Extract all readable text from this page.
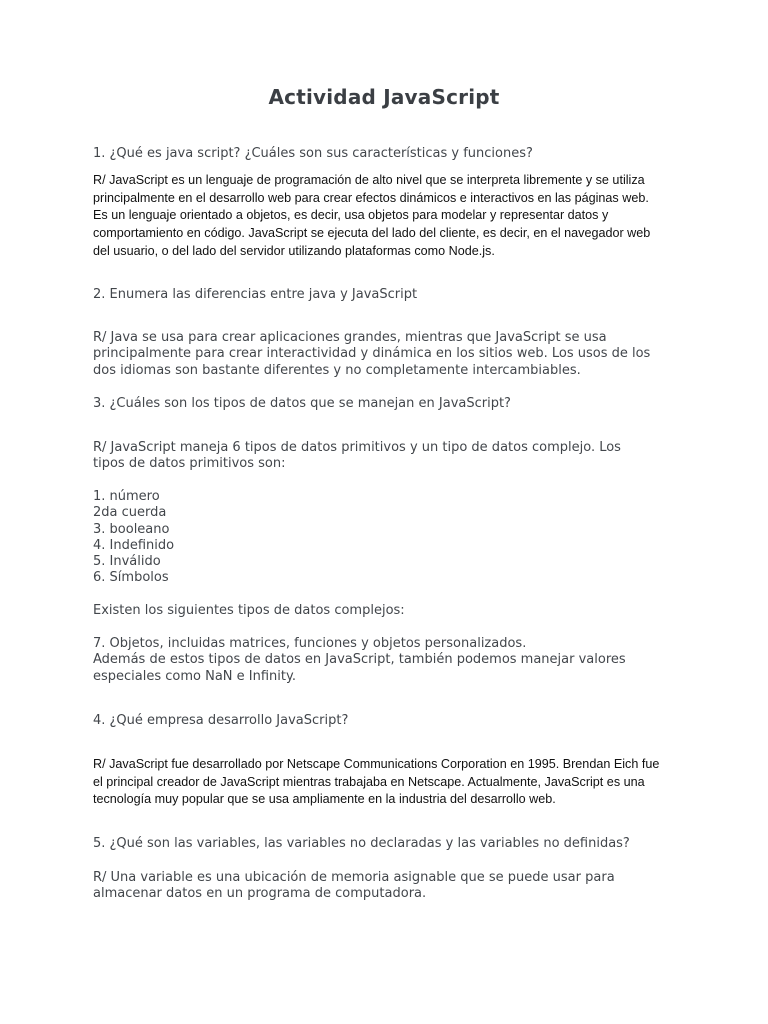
Actividad JavaScript

1. ¿Qué es java script? ¿Cuáles son sus características y funciones?

R/ JavaScript es un lenguaje de programación de alto nivel que se interpreta libremente y se utiliza
principalmente en el desarrollo web para crear efectos dinámicos e interactivos en las páginas web.
Es un lenguaje orientado a objetos, es decir, usa objetos para modelar y representar datos y
comportamiento en código. JavaScript se ejecuta del lado del cliente, es decir, en el navegador web
del usuario, o del lado del servidor utilizando plataformas como Node.js.

2. Enumera las diferencias entre java y JavaScript

R/ Java se usa para crear aplicaciones grandes, mientras que JavaScript se usa
principalmente para crear interactividad y dinámica en los sitios web. Los usos de los
dos idiomas son bastante diferentes y no completamente intercambiables.

3. ¿Cuáles son los tipos de datos que se manejan en JavaScript?

R/ JavaScript maneja 6 tipos de datos primitivos y un tipo de datos complejo. Los
tipos de datos primitivos son:

1. número
2da cuerda
3. booleano
4. Indefinido
5. Inválido
6. Símbolos

Existen los siguientes tipos de datos complejos:

7. Objetos, incluidas matrices, funciones y objetos personalizados.
Además de estos tipos de datos en JavaScript, también podemos manejar valores
especiales como NaN e Infinity.

4. ¿Qué empresa desarrollo JavaScript?

R/ JavaScript fue desarrollado por Netscape Communications Corporation en 1995. Brendan Eich fue
el principal creador de JavaScript mientras trabajaba en Netscape. Actualmente, JavaScript es una
tecnología muy popular que se usa ampliamente en la industria del desarrollo web.

5. ¿Qué son las variables, las variables no declaradas y las variables no definidas?

R/ Una variable es una ubicación de memoria asignable que se puede usar para
almacenar datos en un programa de computadora.
